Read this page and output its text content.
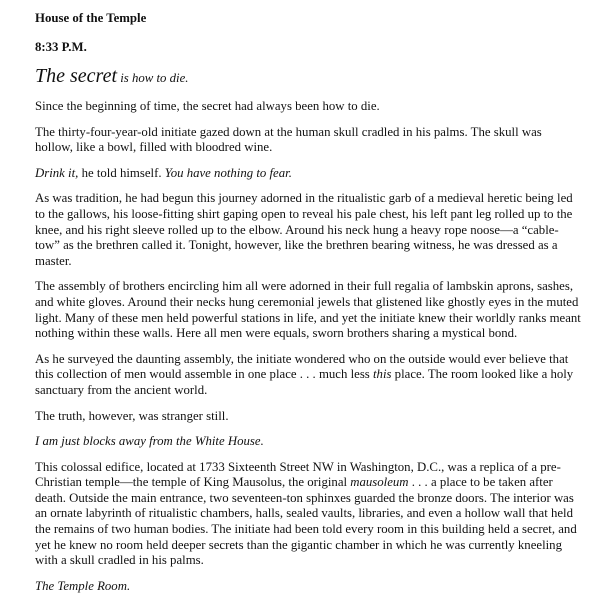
House of the Temple
8:33 P.M.
The secret is how to die.

Since the beginning of time, the secret had always been how to die.

The thirty-four-year-old initiate gazed down at the human skull cradled in his palms. The skull was hollow, like a bowl, filled with bloodred wine.

Drink it, he told himself. You have nothing to fear.

As was tradition, he had begun this journey adorned in the ritualistic garb of a medieval heretic being led to the gallows, his loose-fitting shirt gaping open to reveal his pale chest, his left pant leg rolled up to the knee, and his right sleeve rolled up to the elbow. Around his neck hung a heavy rope noose—a “cable-tow” as the brethren called it. Tonight, however, like the brethren bearing witness, he was dressed as a master.

The assembly of brothers encircling him all were adorned in their full regalia of lambskin aprons, sashes, and white gloves. Around their necks hung ceremonial jewels that glistened like ghostly eyes in the muted light. Many of these men held powerful stations in life, and yet the initiate knew their worldly ranks meant nothing within these walls. Here all men were equals, sworn brothers sharing a mystical bond.

As he surveyed the daunting assembly, the initiate wondered who on the outside would ever believe that this collection of men would assemble in one place . . . much less this place. The room looked like a holy sanctuary from the ancient world.

The truth, however, was stranger still.

I am just blocks away from the White House.

This colossal edifice, located at 1733 Sixteenth Street NW in Washington, D.C., was a replica of a pre-Christian temple—the temple of King Mausolus, the original mausoleum . . . a place to be taken after death. Outside the main entrance, two seventeen-ton sphinxes guarded the bronze doors. The interior was an ornate labyrinth of ritualistic chambers, halls, sealed vaults, libraries, and even a hollow wall that held the remains of two human bodies. The initiate had been told every room in this building held a secret, and yet he knew no room held deeper secrets than the gigantic chamber in which he was currently kneeling with a skull cradled in his palms.

The Temple Room.
